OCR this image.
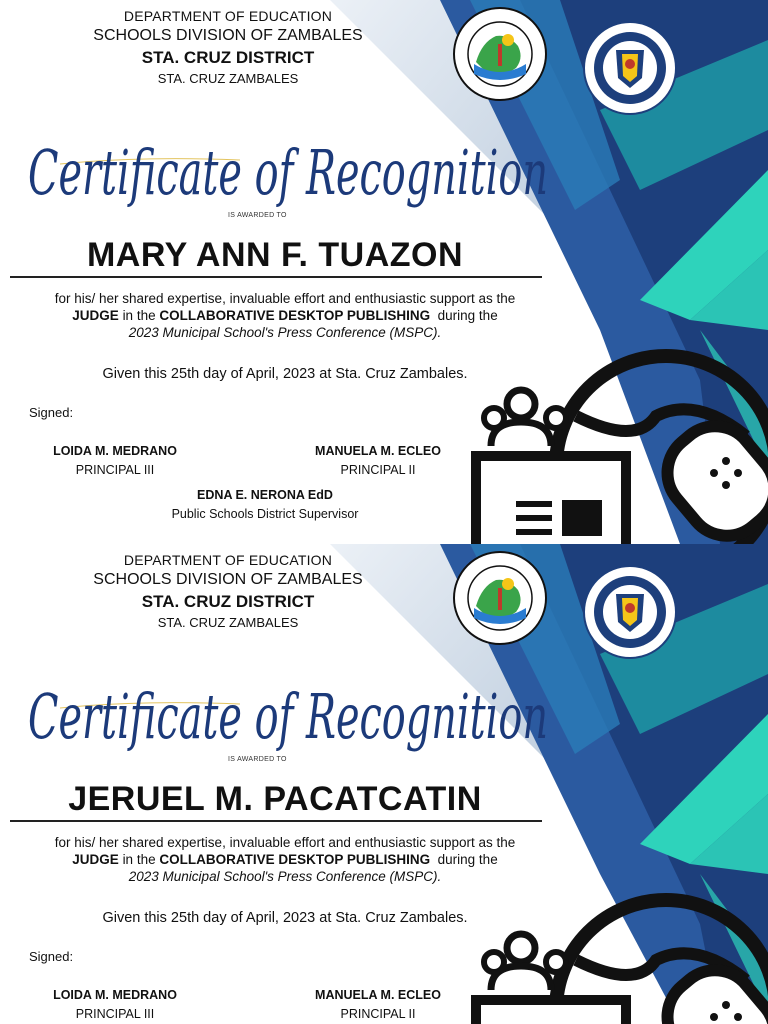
DEPARTMENT OF EDUCATION
SCHOOLS DIVISION OF ZAMBALES
STA. CRUZ DISTRICT
STA. CRUZ ZAMBALES
Certificate of Recognition
IS AWARDED TO
MARY ANN F. TUAZON
for his/ her shared expertise, invaluable effort and enthusiastic support as the
JUDGE in the COLLABORATIVE DESKTOP PUBLISHING during the
2023 Municipal School's Press Conference (MSPC).
Given this 25th day of April, 2023 at Sta. Cruz Zambales.
Signed:
LOIDA M. MEDRANO
PRINCIPAL III
MANUELA M. ECLEO
PRINCIPAL II
EDNA E. NERONA EdD
Public Schools District Supervisor
DEPARTMENT OF EDUCATION
SCHOOLS DIVISION OF ZAMBALES
STA. CRUZ DISTRICT
STA. CRUZ ZAMBALES
Certificate of Recognition
IS AWARDED TO
JERUEL M. PACATCATIN
for his/ her shared expertise, invaluable effort and enthusiastic support as the
JUDGE in the COLLABORATIVE DESKTOP PUBLISHING during the
2023 Municipal School's Press Conference (MSPC).
Given this 25th day of April, 2023 at Sta. Cruz Zambales.
Signed:
LOIDA M. MEDRANO
PRINCIPAL III
MANUELA M. ECLEO
PRINCIPAL II
